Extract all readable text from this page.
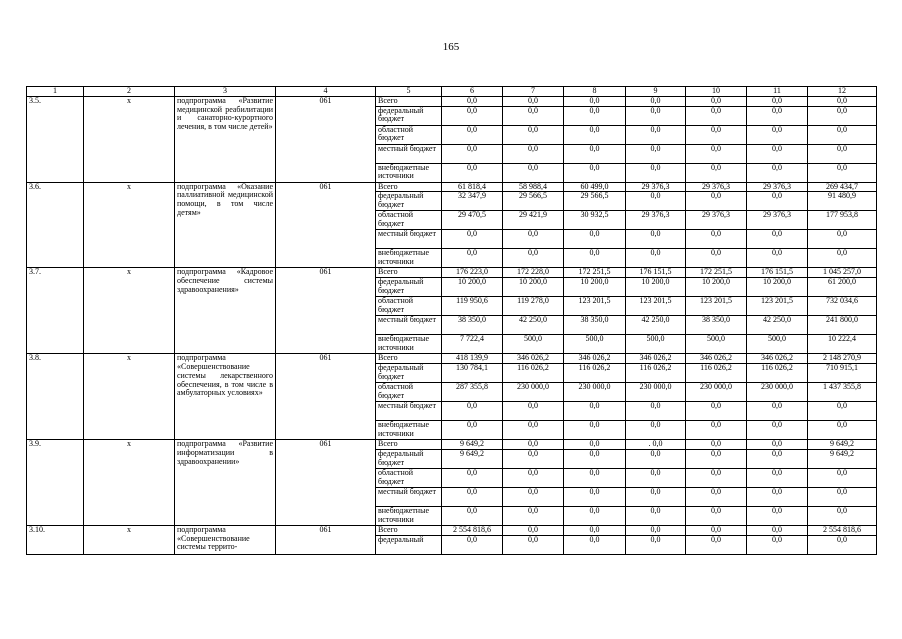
165
1	2	3	4	5	6	7	8	9	10	11	12
3.5.	х	подпрограмма «Развитие медицинской реабилитации и санаторно-курортного лечения, в том числе детей»	061	Всего	0,0	0,0	0,0	0,0	0,0	0,0	0,0
				федеральный бюджет	0,0	0,0	0,0	0,0	0,0	0,0	0,0
				областной бюджет	0,0	0,0	0,0	0,0	0,0	0,0	0,0
				местный бюджет	0,0	0,0	0,0	0,0	0,0	0,0	0,0
				внебюджетные источники	0,0	0,0	0,0	0,0	0,0	0,0	0,0
3.6.	х	подпрограмма «Оказание паллиативной медицинской помощи, в том числе детям»	061	Всего	61 818,4	58 988,4	60 499,0	29 376,3	29 376,3	29 376,3	269 434,7
				федеральный бюджет	32 347,9	29 566,5	29 566,5	0,0	0,0	0,0	91 480,9
				областной бюджет	29 470,5	29 421,9	30 932,5	29 376,3	29 376,3	29 376,3	177 953,8
				местный бюджет	0,0	0,0	0,0	0,0	0,0	0,0	0,0
				внебюджетные источники	0,0	0,0	0,0	0,0	0,0	0,0	0,0
3.7.	х	подпрограмма «Кадровое обеспечение системы здравоохранения»	061	Всего	176 223,0	172 228,0	172 251,5	176 151,5	172 251,5	176 151,5	1 045 257,0
				федеральный бюджет	10 200,0	10 200,0	10 200,0	10 200,0	10 200,0	10 200,0	61 200,0
				областной бюджет	119 950,6	119 278,0	123 201,5	123 201,5	123 201,5	123 201,5	732 034,6
				местный бюджет	38 350,0	42 250,0	38 350,0	42 250,0	38 350,0	42 250,0	241 800,0
				внебюджетные источники	7 722,4	500,0	500,0	500,0	500,0	500,0	10 222,4
3.8.	х	подпрограмма «Совершенствование системы лекарственного обеспечения, в том числе в амбулаторных условиях»	061	Всего	418 139,9	346 026,2	346 026,2	346 026,2	346 026,2	346 026,2	2 148 270,9
				федеральный бюджет	130 784,1	116 026,2	116 026,2	116 026,2	116 026,2	116 026,2	710 915,1
				областной бюджет	287 355,8	230 000,0	230 000,0	230 000,0	230 000,0	230 000,0	1 437 355,8
				местный бюджет	0,0	0,0	0,0	0,0	0,0	0,0	0,0
				внебюджетные источники	0,0	0,0	0,0	0,0	0,0	0,0	0,0
3.9.	х	подпрограмма «Развитие информатизации в здравоохранении»	061	Всего	9 649,2	0,0	0,0	. 0,0	0,0	0,0	9 649,2
				федеральный бюджет	9 649,2	0,0	0,0	0,0	0,0	0,0	9 649,2
				областной бюджет	0,0	0,0	0,0	0,0	0,0	0,0	0,0
				местный бюджет	0,0	0,0	0,0	0,0	0,0	0,0	0,0
				внебюджетные источники	0,0	0,0	0,0	0,0	0,0	0,0	0,0
3.10.	х	подпрограмма «Совершенствование системы террито-	061	Всего	2 554 818,6	0,0	0,0	0,0	0,0	0,0	2 554 818,6
				федеральный	0,0	0,0	0,0	0,0	0,0	0,0	0,0
